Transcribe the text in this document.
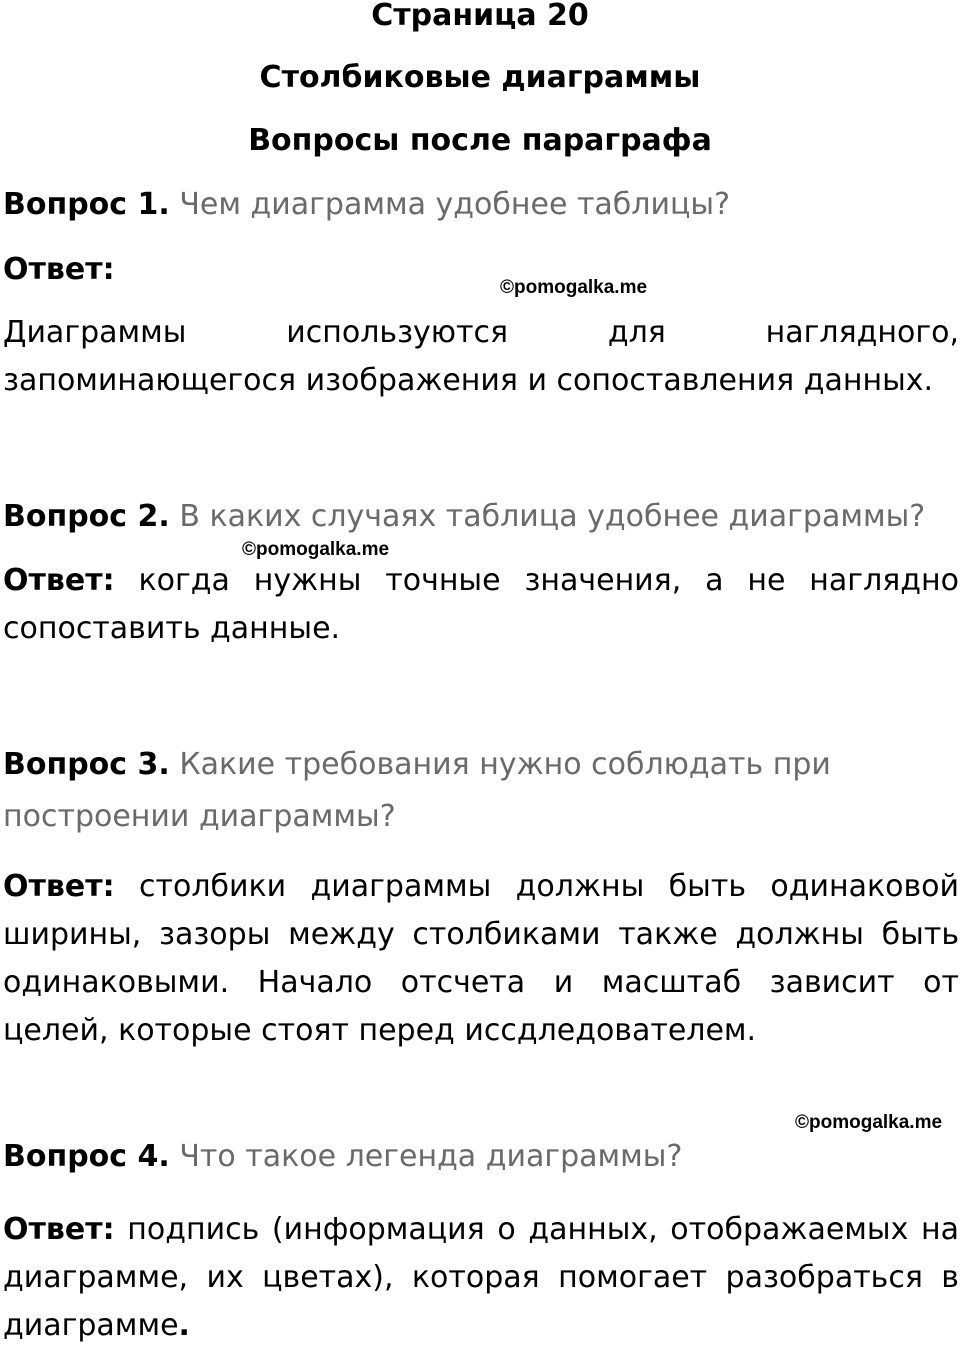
Страница 20
Столбиковые диаграммы
Вопросы после параграфа
Вопрос 1. Чем диаграмма удобнее таблицы?
Ответ:
©pomogalka.me
Диаграммы используются для наглядного, запоминающегося изображения и сопоставления данных.
Вопрос 2. В каких случаях таблица удобнее диаграммы?
©pomogalka.me
Ответ: когда нужны точные значения, а не наглядно сопоставить данные.
Вопрос 3. Какие требования нужно соблюдать при построении диаграммы?
Ответ: столбики диаграммы должны быть одинаковой ширины, зазоры между столбиками также должны быть одинаковыми. Начало отсчета и масштаб зависит от целей, которые стоят перед иссдледователем.
©pomogalka.me
Вопрос 4. Что такое легенда диаграммы?
Ответ: подпись (информация о данных, отображаемых на диаграмме, их цветах), которая помогает разобраться в диаграмме.
